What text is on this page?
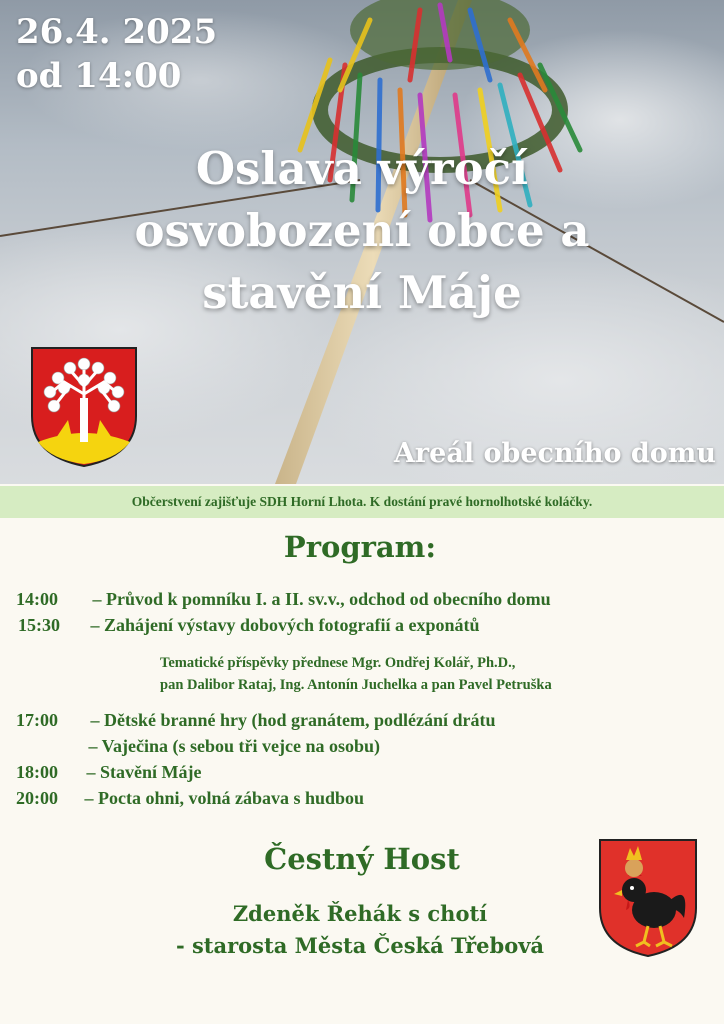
26.4. 2025
od 14:00
Oslava výročí
osvobození obce a
stavění Máje
Areál obecního domu
Občerstvení zajišťuje SDH Horní Lhota. K dostání pravé hornolhotské koláčky.
Program:
14:00 – Průvod k pomníku I. a II. sv.v., odchod od obecního domu
15:30 – Zahájení výstavy dobových fotografií a exponátů
Tematické příspěvky přednese Mgr. Ondřej Kolář, Ph.D.,
pan Dalibor Rataj, Ing. Antonín Juchelka a pan Pavel Petruška
17:00 – Dětské branné hry (hod granátem, podlézání drátu
– Vaječina (s sebou tři vejce na osobu)
18:00 – Stavění Máje
20:00 – Pocta ohni, volná zábava s hudbou
Čestný Host
Zdeněk Řehák s chotí
- starosta Města Česká Třebová
